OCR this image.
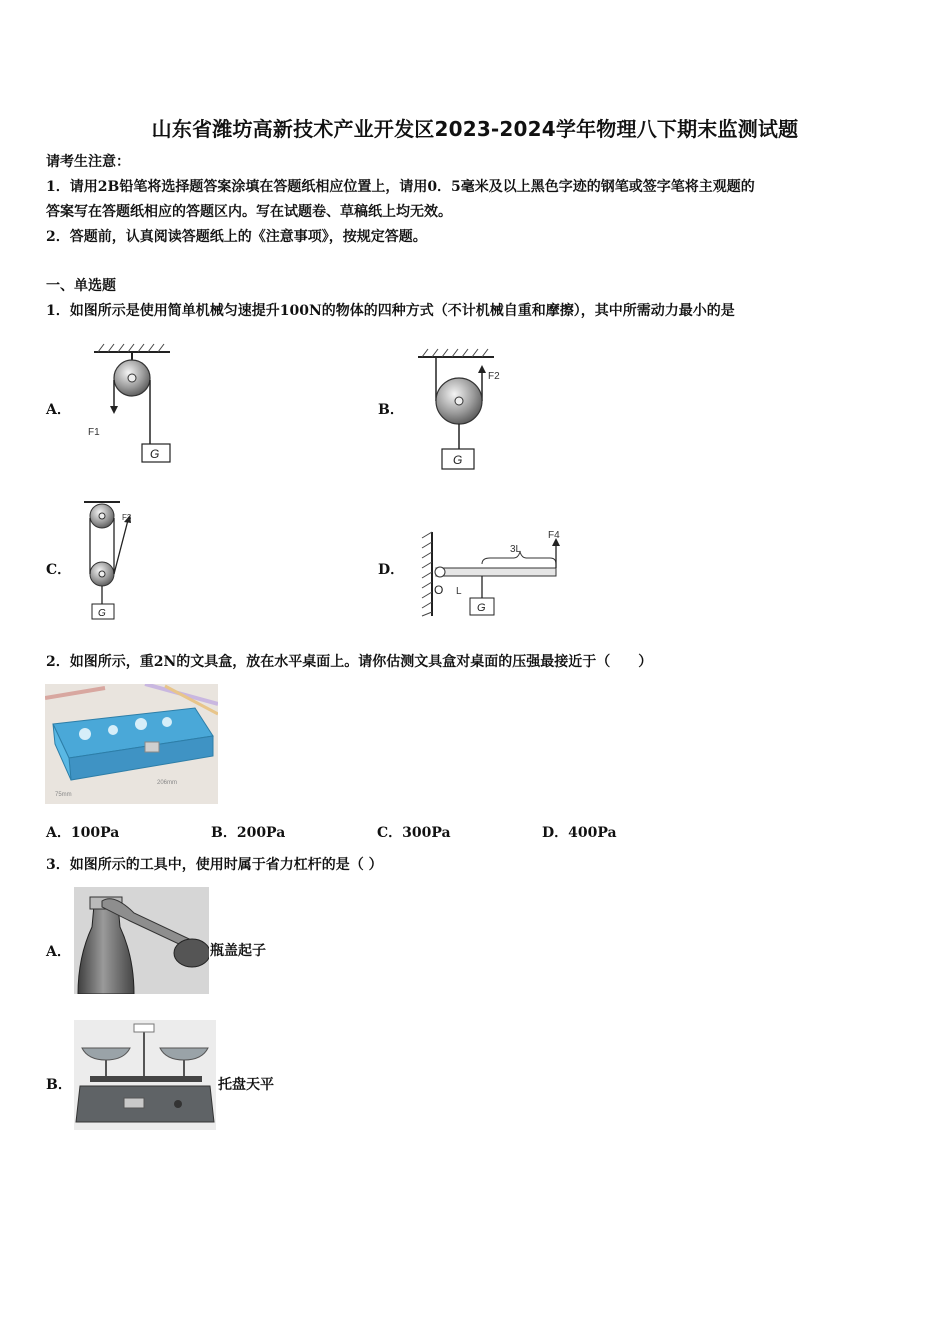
山东省潍坊高新技术产业开发区2023-2024学年物理八下期末监测试题
请考生注意：
1．请用2B铅笔将选择题答案涂填在答题纸相应位置上，请用0．5毫米及以上黑色字迹的钢笔或签字笔将主观题的
答案写在答题纸相应的答题区内。写在试题卷、草稿纸上均无效。
2．答题前，认真阅读答题纸上的《注意事项》，按规定答题。
一、单选题
1．如图所示是使用简单机械匀速提升100N的物体的四种方式（不计机械自重和摩擦），其中所需动力最小的是
A．
F1
G
B．
F2
G
C．
F3
G
D．
O
3L
F4
L
G
2．如图所示，重2N的文具盒，放在水平桌面上。请你估测文具盒对桌面的压强最接近于（　　）
75mm
206mm
A．100Pa	B．200Pa	C．300Pa	D．400Pa
3．如图所示的工具中，使用时属于省力杠杆的是（ ）
A．	瓶盖起子
B．	托盘天平
